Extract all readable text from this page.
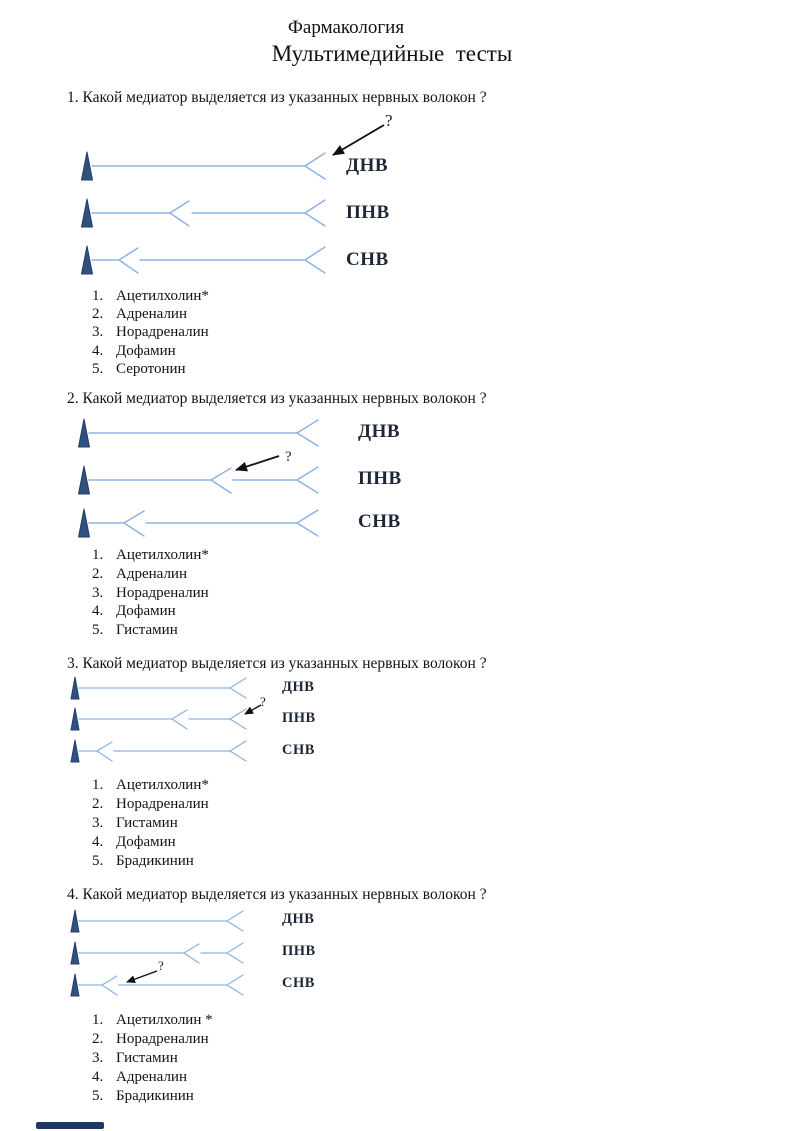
Фармакология
Мультимедийные  тесты
1. Какой медиатор выделяется из указанных нервных волокон ?
?
ДНВ
ПНВ
СНВ
1. Ацетилхолин*
2. Адреналин
3. Норадреналин
4. Дофамин
5. Серотонин
2. Какой медиатор выделяется из указанных нервных волокон ?
?
ДНВ
ПНВ
СНВ
1. Ацетилхолин*
2. Адреналин
3. Норадреналин
4. Дофамин
5. Гистамин
3. Какой медиатор выделяется из указанных нервных волокон ?
?
ДНВ
ПНВ
СНВ
1. Ацетилхолин*
2. Норадреналин
3. Гистамин
4. Дофамин
5. Брадикинин
4. Какой медиатор выделяется из указанных нервных волокон ?
?
ДНВ
ПНВ
СНВ
1. Ацетилхолин *
2. Норадреналин
3. Гистамин
4. Адреналин
5. Брадикинин
